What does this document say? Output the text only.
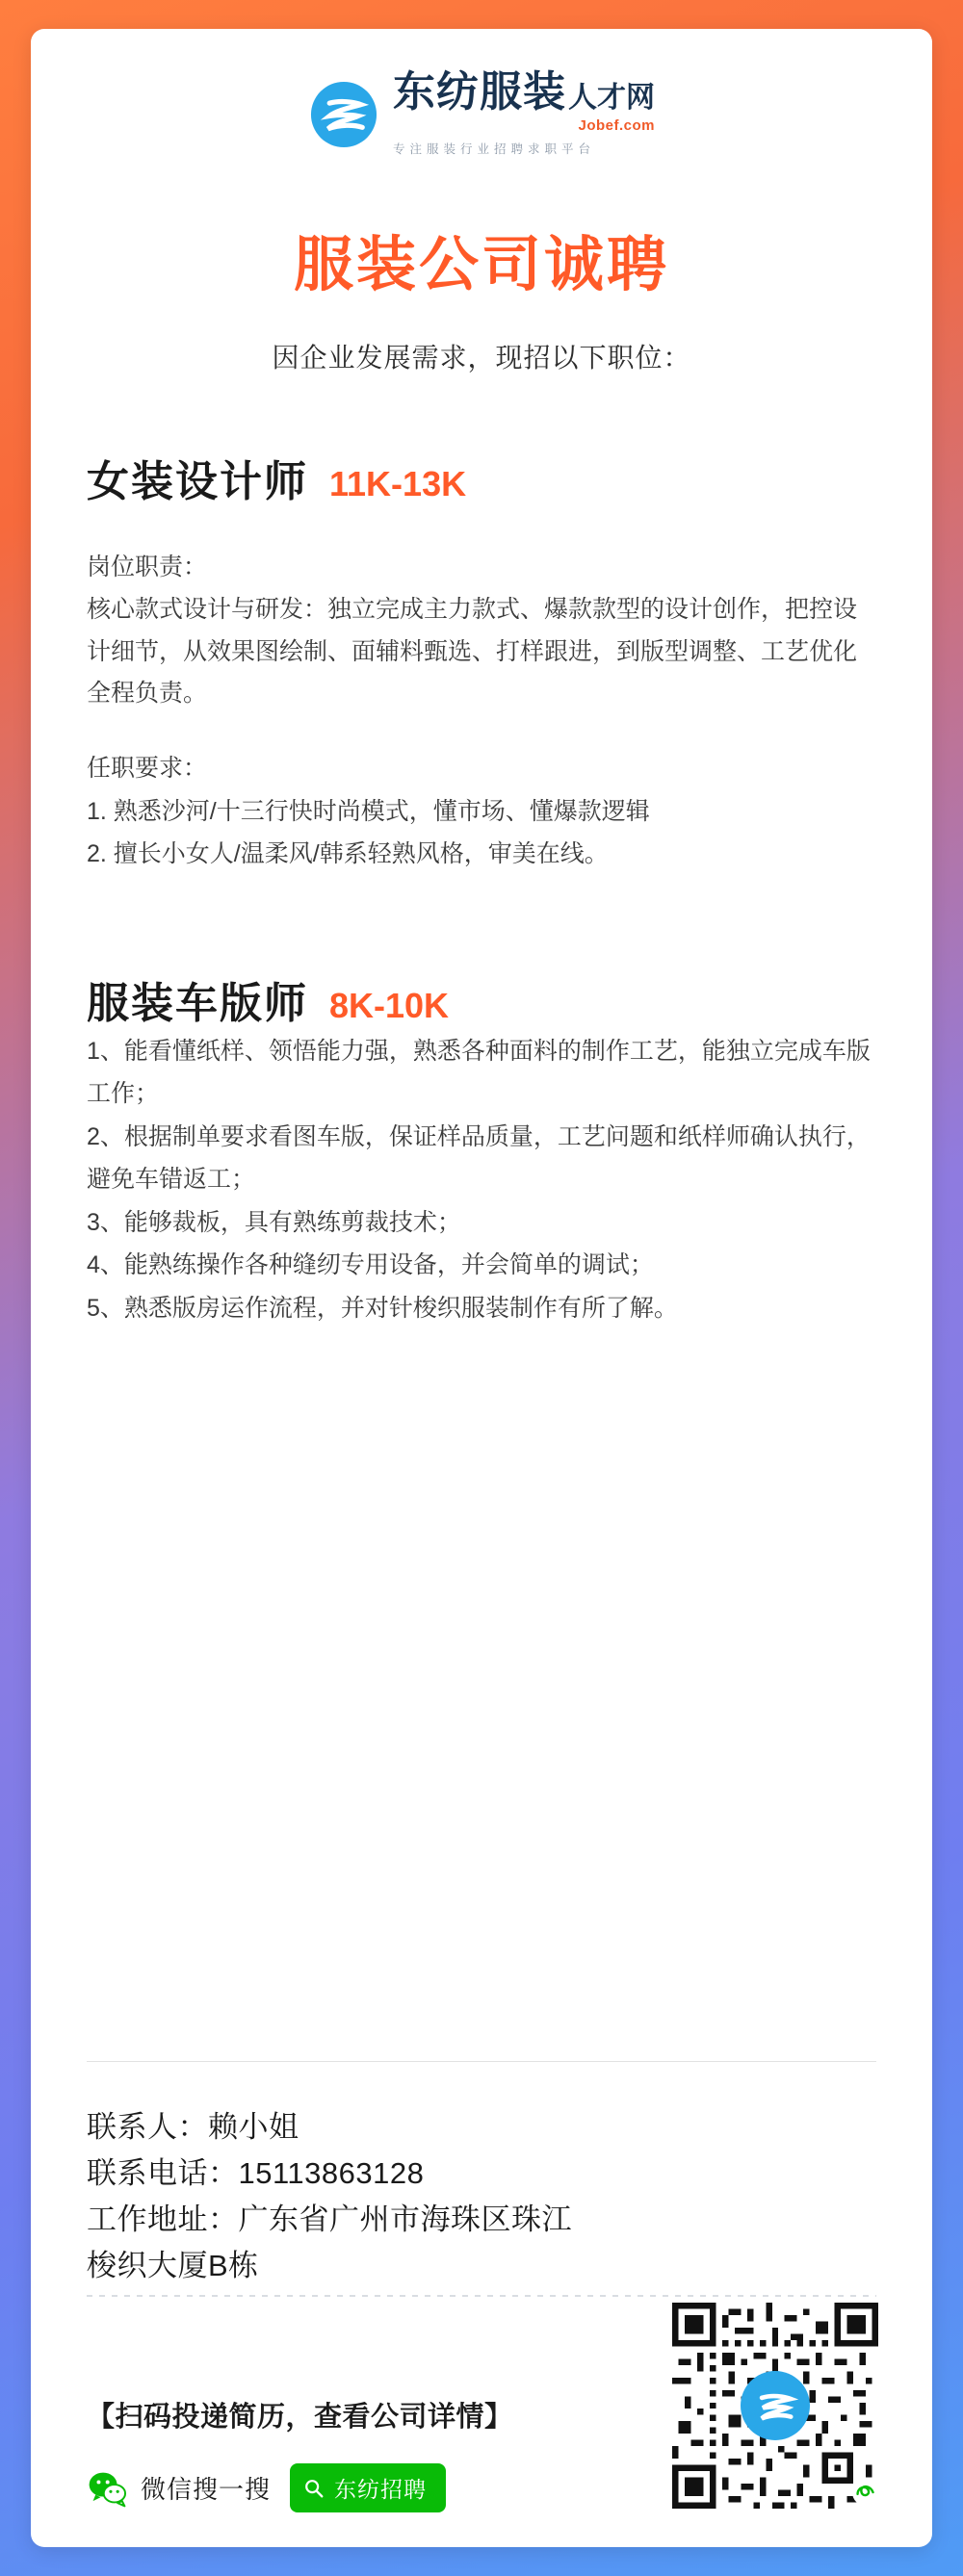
东纺服装 人才网
Jobef.com
专注服装行业招聘求职平台
服装公司诚聘
因企业发展需求，现招以下职位：
女装设计师 11K-13K
岗位职责：
核心款式设计与研发：独立完成主力款式、爆款款型的设计创作，把控设计细节，从效果图绘制、面辅料甄选、打样跟进，到版型调整、工艺优化全程负责。
任职要求：
1. 熟悉沙河/十三行快时尚模式，懂市场、懂爆款逻辑
2. 擅长小女人/温柔风/韩系轻熟风格，审美在线。
服装车版师 8K-10K
1、能看懂纸样、领悟能力强，熟悉各种面料的制作工艺，能独立完成车版工作；
2、根据制单要求看图车版，保证样品质量，工艺问题和纸样师确认执行，避免车错返工；
3、能够裁板，具有熟练剪裁技术；
4、能熟练操作各种缝纫专用设备，并会简单的调试；
5、熟悉版房运作流程，并对针梭织服装制作有所了解。
联系人：赖小姐
联系电话：15113863128
工作地址：广东省广州市海珠区珠江
梭织大厦B栋
【扫码投递简历，查看公司详情】
微信搜一搜	东纺招聘
